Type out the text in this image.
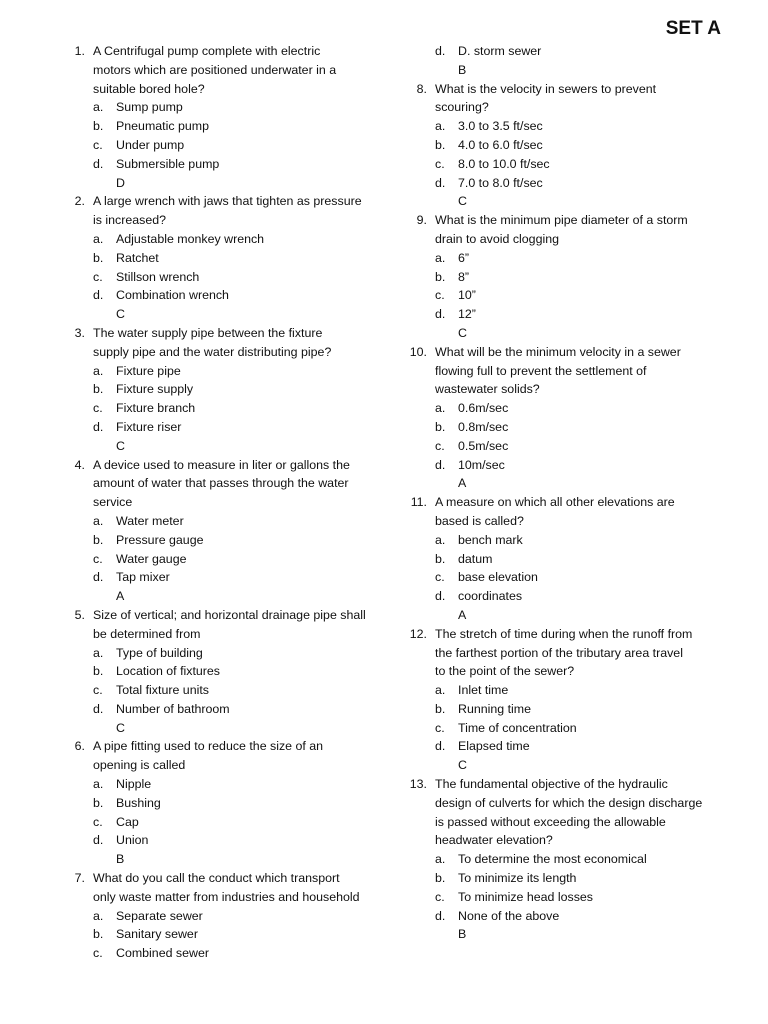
SET A
1. A Centrifugal pump complete with electric
motors which are positioned underwater in a
suitable bored hole?
a.	Sump pump
b.	Pneumatic pump
c.	Under pump
d.	Submersible pump
D
2. A large wrench with jaws that tighten as pressure
is increased?
a.	Adjustable monkey wrench
b.	Ratchet
c.	Stillson wrench
d.	Combination wrench
C
3. The water supply pipe between the fixture
supply pipe and the water distributing pipe?
a.	Fixture pipe
b.	Fixture supply
c.	Fixture branch
d.	Fixture riser
C
4. A device used to measure in liter or gallons the
amount of water that passes through the water
service
a.	Water meter
b.	Pressure gauge
c.	Water gauge
d.	Tap mixer
A
5. Size of vertical; and horizontal drainage pipe shall
be determined from
a.	Type of building
b.	Location of fixtures
c.	Total fixture units
d.	Number of bathroom
C
6. A pipe fitting used to reduce the size of an
opening is called
a.	Nipple
b.	Bushing
c.	Cap
d.	Union
B
7. What do you call the conduct which transport
only waste matter from industries and household
a.	Separate sewer
b.	Sanitary sewer
c.	Combined sewer
d.	D. storm sewer
B
8. What is the velocity in sewers to prevent
scouring?
a.	3.0 to 3.5 ft/sec
b.	4.0 to 6.0 ft/sec
c.	8.0 to 10.0 ft/sec
d.	7.0 to 8.0 ft/sec
C
9. What is the minimum pipe diameter of a storm
drain to avoid clogging
a.	6”
b.	8”
c.	10”
d.	12”
C
10. What will be the minimum velocity in a sewer
flowing full to prevent the settlement of
wastewater solids?
a.	0.6m/sec
b.	0.8m/sec
c.	0.5m/sec
d.	10m/sec
A
11. A measure on which all other elevations are
based is called?
a.	bench mark
b.	datum
c.	base elevation
d.	coordinates
A
12. The stretch of time during when the runoff from
the farthest portion of the tributary area travel
to the point of the sewer?
a.	Inlet time
b.	Running time
c.	Time of concentration
d.	Elapsed time
C
13. The fundamental objective of the hydraulic
design of culverts for which the design discharge
is passed without exceeding the allowable
headwater elevation?
a.	To determine the most economical
b.	To minimize its length
c.	To minimize head losses
d.	None of the above
B
